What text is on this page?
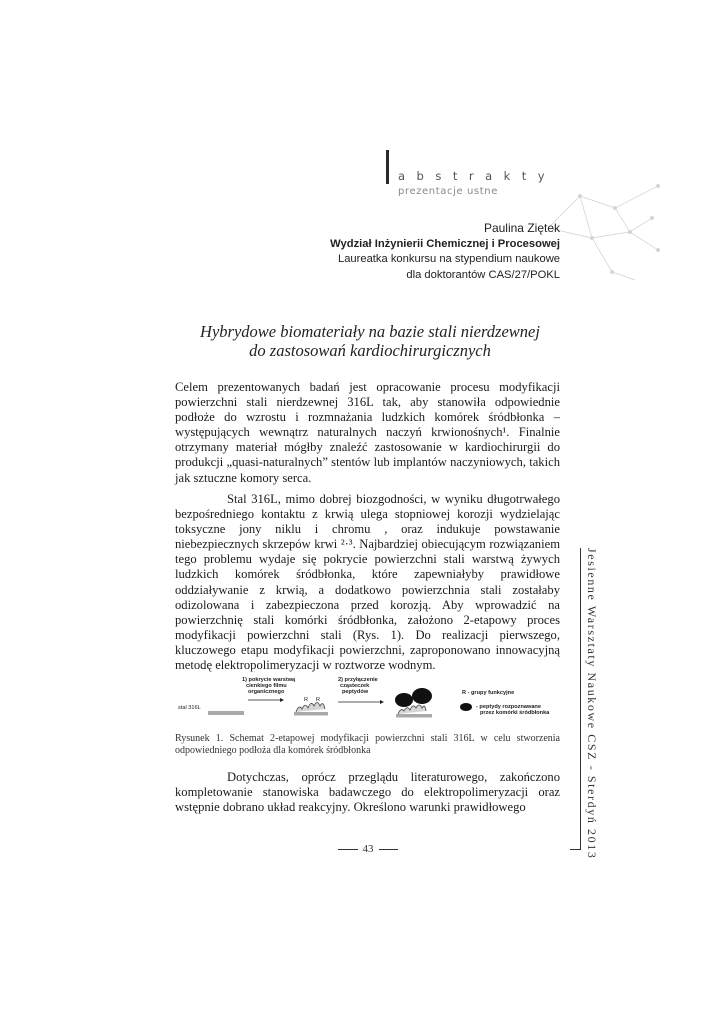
abstrakty
prezentacje ustne
Paulina Ziętek
Wydział Inżynierii Chemicznej i Procesowej
Laureatka konkursu na stypendium naukowe
dla doktorantów CAS/27/POKL
Hybrydowe biomateriały na bazie stali nierdzewnej
do zastosowań kardiochirurgicznych

Celem prezentowanych badań jest opracowanie procesu modyfikacji powierzchni stali nierdzewnej 316L tak, aby stanowiła odpowiednie podłoże do wzrostu i rozmnażania ludzkich komórek śródbłonka – występujących wewnątrz naturalnych naczyń krwionośnych¹. Finalnie otrzymany materiał mógłby znaleźć zastosowanie w kardiochirurgii do produkcji „quasi-naturalnych” stentów lub implantów naczyniowych, takich jak sztuczne komory serca.

Stal 316L, mimo dobrej biozgodności, w wyniku długotrwałego bezpośredniego kontaktu z krwią ulega stopniowej korozji wydzielając toksyczne jony niklu i chromu , oraz indukuje powstawanie niebezpiecznych skrzepów krwi ²·³. Najbardziej obiecującym rozwiązaniem tego problemu wydaje się pokrycie powierzchni stali warstwą żywych ludzkich komórek śródbłonka, które zapewniałyby prawidłowe oddziaływanie z krwią, a dodatkowo powierzchnia stali zostałaby odizolowana i zabezpieczona przed korozją. Aby wprowadzić na powierzchnię stali komórki śródbłonka, założono 2-etapowy proces modyfikacji powierzchni stali (Rys. 1). Do realizacji pierwszego, kluczowego etapu modyfikacji powierzchni, zaproponowano innowacyjną metodę elektropolimeryzacji w roztworze wodnym.

stal 316L
1) pokrycie warstwą
cienkiego filmu
organicznego
R R
2) przyłączenie
cząsteczek
peptydów	R - grupy funkcyjne
- peptydy rozpoznawane
przez komórki śródbłonka

Rysunek 1. Schemat 2-etapowej modyfikacji powierzchni stali 316L w celu stworzenia odpowiedniego podłoża dla komórek śródbłonka

Dotychczas, oprócz przeglądu literaturowego, zakończono kompletowanie stanowiska badawczego do elektropolimeryzacji oraz wstępnie dobrano układ reakcyjny. Określono warunki prawidłowego	Jesienne Warsztaty Naukowe CSZ - Sterdyń 2013
43
